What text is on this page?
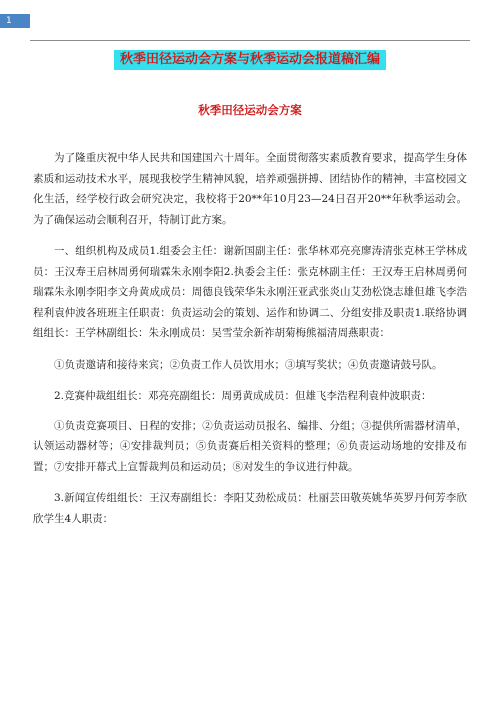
1
秋季田径运动会方案与秋季运动会报道稿汇编
秋季田径运动会方案

为了隆重庆祝中华人民共和国建国六十周年。全面贯彻落实素质教育要求，提高学生身体素质和运动技术水平，展现我校学生精神风貌，培养顽强拼搏、团结协作的精神，丰富校园文化生活，经学校行政会研究决定，我校将于20**年10月23—24日召开20**年秋季运动会。为了确保运动会顺利召开，特制订此方案。

一、组织机构及成员1.组委会主任：谢新国副主任：张华林邓亮亮廖涛清张克林王学林成员：王汉寿王启林周勇何瑞霖朱永刚李阳2.执委会主任：张克林副主任：王汉寿王启林周勇何瑞霖朱永刚李阳李文舟黄成成员：周德良钱荣华朱永刚汪亚武张炎山艾劲松饶志雄但雄飞李浩程利袁仲波各班班主任职责：负责运动会的策划、运作和协调二、分组安排及职责1.联络协调组组长：王学林副组长：朱永刚成员：吴雪莹余新祚胡菊梅熊福清周燕职责：

①负责邀请和接待来宾；②负责工作人员饮用水；③填写奖状；④负责邀请鼓号队。

2.竞赛仲裁组组长：邓亮亮副组长：周勇黄成成员：但雄飞李浩程利袁仲波职责：

①负责竞赛项目、日程的安排；②负责运动员报名、编排、分组；③提供所需器材清单，认领运动器材等；④安排裁判员；⑤负责赛后相关资料的整理；⑥负责运动场地的安排及布置；⑦安排开幕式上宣誓裁判员和运动员；⑧对发生的争议进行仲裁。

3.新闻宣传组组长：王汉寿副组长：李阳艾劲松成员：杜丽芸田敬英姚华英罗丹何芳李欣欣学生4人职责：
